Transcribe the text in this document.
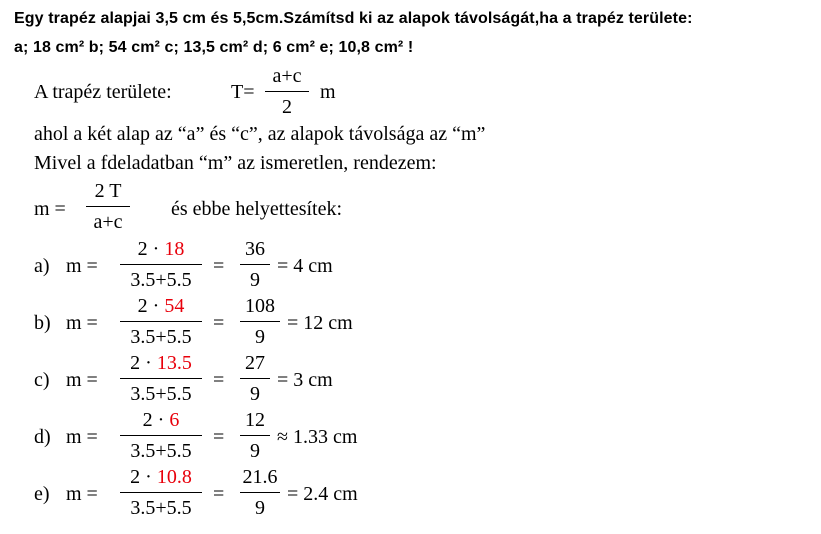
Egy trapéz alapjai 3,5 cm és 5,5cm.Számítsd ki az alapok távolságát,ha a trapéz területe:
a; 18 cm² b; 54 cm² c; 13,5 cm² d; 6 cm² e; 10,8 cm² !
A trapéz területe:	T=
a+c
2
m
ahol a két alap az “a” és “c”, az alapok távolsága az “m”
Mivel a fdeladatban “m” az ismeretlen, rendezem:
m =
2 T
a+c
és ebbe helyettesítek:
a) m =
2 · 18
3.5+5.5
=
36
9
= 4 cm
b) m =
2 · 54
3.5+5.5
=
108
9
= 12 cm
c) m =
2 · 13.5
3.5+5.5
=
27
9
= 3 cm
d) m =
2 · 6
3.5+5.5
=
12
9
≈ 1.33 cm
e) m =
2 · 10.8
3.5+5.5
=
21.6
9
= 2.4 cm
